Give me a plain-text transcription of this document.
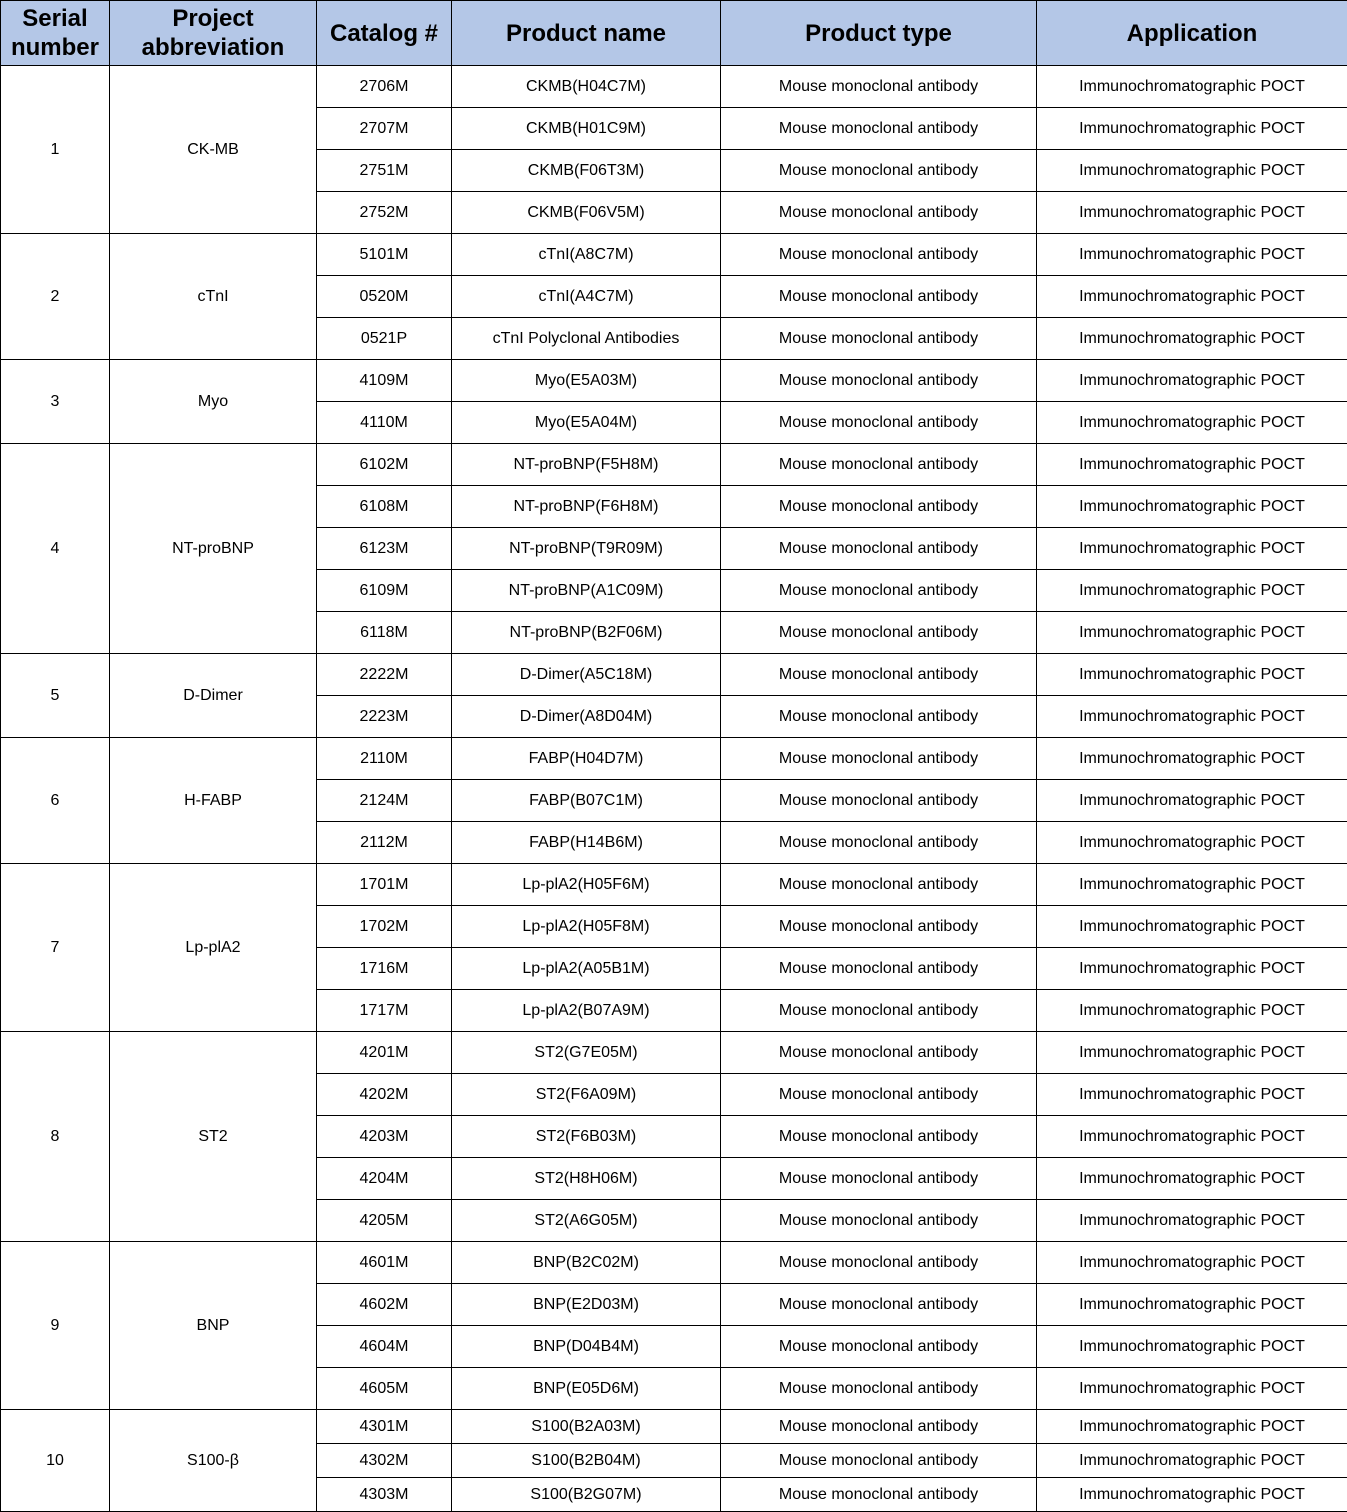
Serial number	Project abbreviation	Catalog #	Product name	Product type	Application
1	CK-MB	2706M	CKMB(H04C7M)	Mouse monoclonal antibody	Immunochromatographic POCT
		2707M	CKMB(H01C9M)	Mouse monoclonal antibody	Immunochromatographic POCT
		2751M	CKMB(F06T3M)	Mouse monoclonal antibody	Immunochromatographic POCT
		2752M	CKMB(F06V5M)	Mouse monoclonal antibody	Immunochromatographic POCT
2	cTnI	5101M	cTnI(A8C7M)	Mouse monoclonal antibody	Immunochromatographic POCT
		0520M	cTnI(A4C7M)	Mouse monoclonal antibody	Immunochromatographic POCT
		0521P	cTnI Polyclonal Antibodies	Mouse monoclonal antibody	Immunochromatographic POCT
3	Myo	4109M	Myo(E5A03M)	Mouse monoclonal antibody	Immunochromatographic POCT
		4110M	Myo(E5A04M)	Mouse monoclonal antibody	Immunochromatographic POCT
4	NT-proBNP	6102M	NT-proBNP(F5H8M)	Mouse monoclonal antibody	Immunochromatographic POCT
		6108M	NT-proBNP(F6H8M)	Mouse monoclonal antibody	Immunochromatographic POCT
		6123M	NT-proBNP(T9R09M)	Mouse monoclonal antibody	Immunochromatographic POCT
		6109M	NT-proBNP(A1C09M)	Mouse monoclonal antibody	Immunochromatographic POCT
		6118M	NT-proBNP(B2F06M)	Mouse monoclonal antibody	Immunochromatographic POCT
5	D-Dimer	2222M	D-Dimer(A5C18M)	Mouse monoclonal antibody	Immunochromatographic POCT
		2223M	D-Dimer(A8D04M)	Mouse monoclonal antibody	Immunochromatographic POCT
6	H-FABP	2110M	FABP(H04D7M)	Mouse monoclonal antibody	Immunochromatographic POCT
		2124M	FABP(B07C1M)	Mouse monoclonal antibody	Immunochromatographic POCT
		2112M	FABP(H14B6M)	Mouse monoclonal antibody	Immunochromatographic POCT
7	Lp-plA2	1701M	Lp-plA2(H05F6M)	Mouse monoclonal antibody	Immunochromatographic POCT
		1702M	Lp-plA2(H05F8M)	Mouse monoclonal antibody	Immunochromatographic POCT
		1716M	Lp-plA2(A05B1M)	Mouse monoclonal antibody	Immunochromatographic POCT
		1717M	Lp-plA2(B07A9M)	Mouse monoclonal antibody	Immunochromatographic POCT
8	ST2	4201M	ST2(G7E05M)	Mouse monoclonal antibody	Immunochromatographic POCT
		4202M	ST2(F6A09M)	Mouse monoclonal antibody	Immunochromatographic POCT
		4203M	ST2(F6B03M)	Mouse monoclonal antibody	Immunochromatographic POCT
		4204M	ST2(H8H06M)	Mouse monoclonal antibody	Immunochromatographic POCT
		4205M	ST2(A6G05M)	Mouse monoclonal antibody	Immunochromatographic POCT
9	BNP	4601M	BNP(B2C02M)	Mouse monoclonal antibody	Immunochromatographic POCT
		4602M	BNP(E2D03M)	Mouse monoclonal antibody	Immunochromatographic POCT
		4604M	BNP(D04B4M)	Mouse monoclonal antibody	Immunochromatographic POCT
		4605M	BNP(E05D6M)	Mouse monoclonal antibody	Immunochromatographic POCT
10	S100-β	4301M	S100(B2A03M)	Mouse monoclonal antibody	Immunochromatographic POCT
		4302M	S100(B2B04M)	Mouse monoclonal antibody	Immunochromatographic POCT
		4303M	S100(B2G07M)	Mouse monoclonal antibody	Immunochromatographic POCT
